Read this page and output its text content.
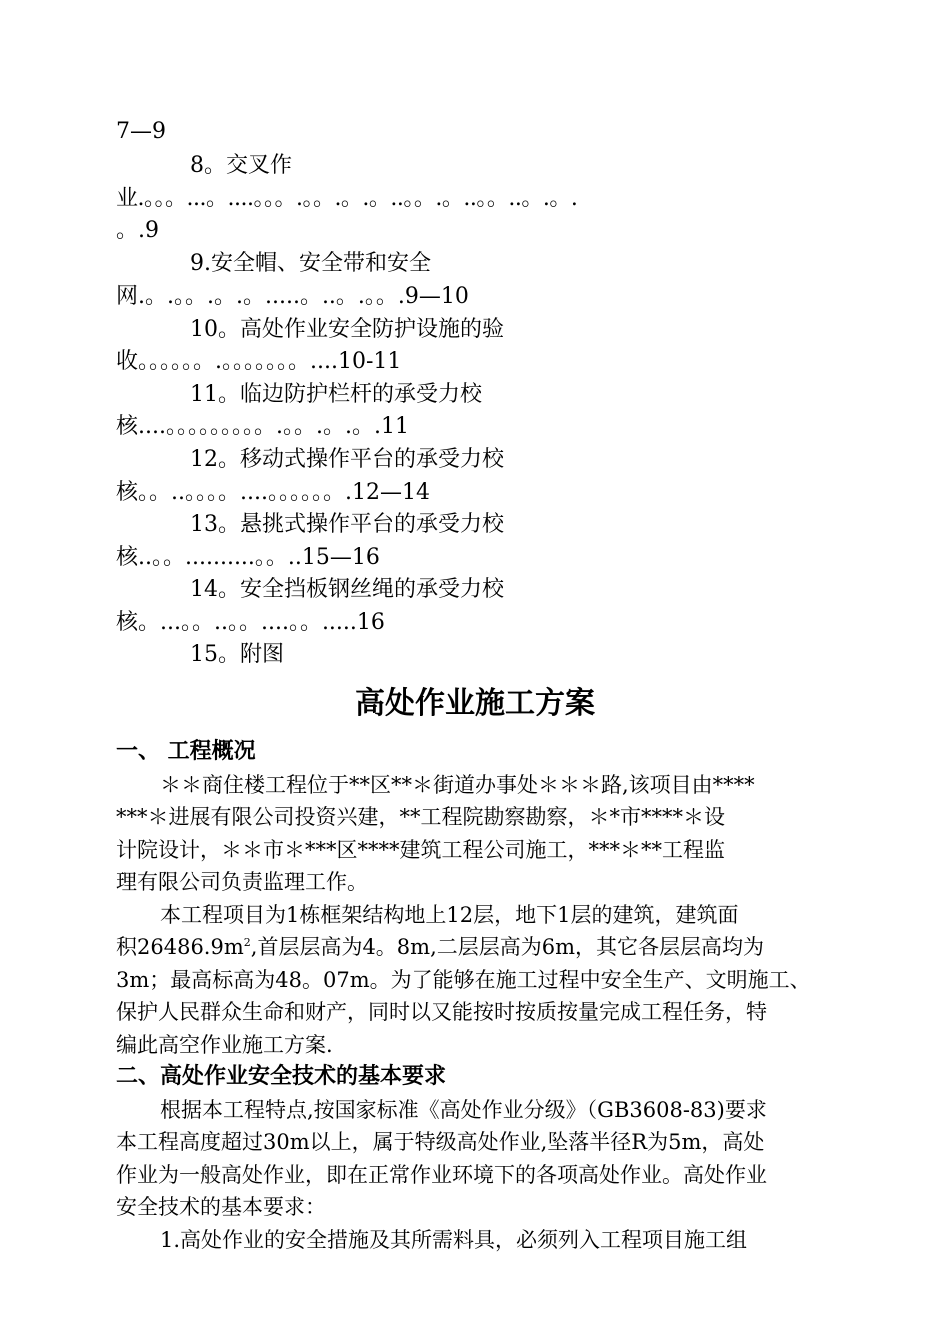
7—9
8。交叉作
业.。。。...。....。。。.。。.。.。..。。.。..。。..。.。.
。.9
9.安全帽、安全带和安全
网.。.。。.。.。.....。..。.。。.9—10
10。高处作业安全防护设施的验
收。。。。。。.。。。。。。。....10-11
11。临边防护栏杆的承受力校
核....。。。。。。。。。.。。.。.。.11
12。移动式操作平台的承受力校
核。。..。。。。....。。。。。。.12—14
13。悬挑式操作平台的承受力校
核..。。..........。。..15—16
14。安全挡板钢丝绳的承受力校
核。...。。..。。....。。.....16
15。附图
高处作业施工方案
一、 工程概况
＊＊商住楼工程位于**区**＊街道办事处＊＊＊路,该项目由****
***＊进展有限公司投资兴建，**工程院勘察勘察，＊*市****＊设
计院设计，＊＊市＊***区****建筑工程公司施工，***＊**工程监
理有限公司负责监理工作。
本工程项目为1栋框架结构地上12层，地下1层的建筑，建筑面
积$26486.9m^2$,首层层高为4。8m,二层层高为6m，其它各层层高均为
3m；最高标高为48。07m。为了能够在施工过程中安全生产、文明施工、
保护人民群众生命和财产，同时以又能按时按质按量完成工程任务，特
编此高空作业施工方案.
二、高处作业安全技术的基本要求
根据本工程特点,按国家标准《高处作业分级》（GB3608-83)要求
本工程高度超过30m以上，属于特级高处作业,坠落半径R为5m，高处
作业为一般高处作业，即在正常作业环境下的各项高处作业。高处作业
安全技术的基本要求：
1.高处作业的安全措施及其所需料具，必须列入工程项目施工组
